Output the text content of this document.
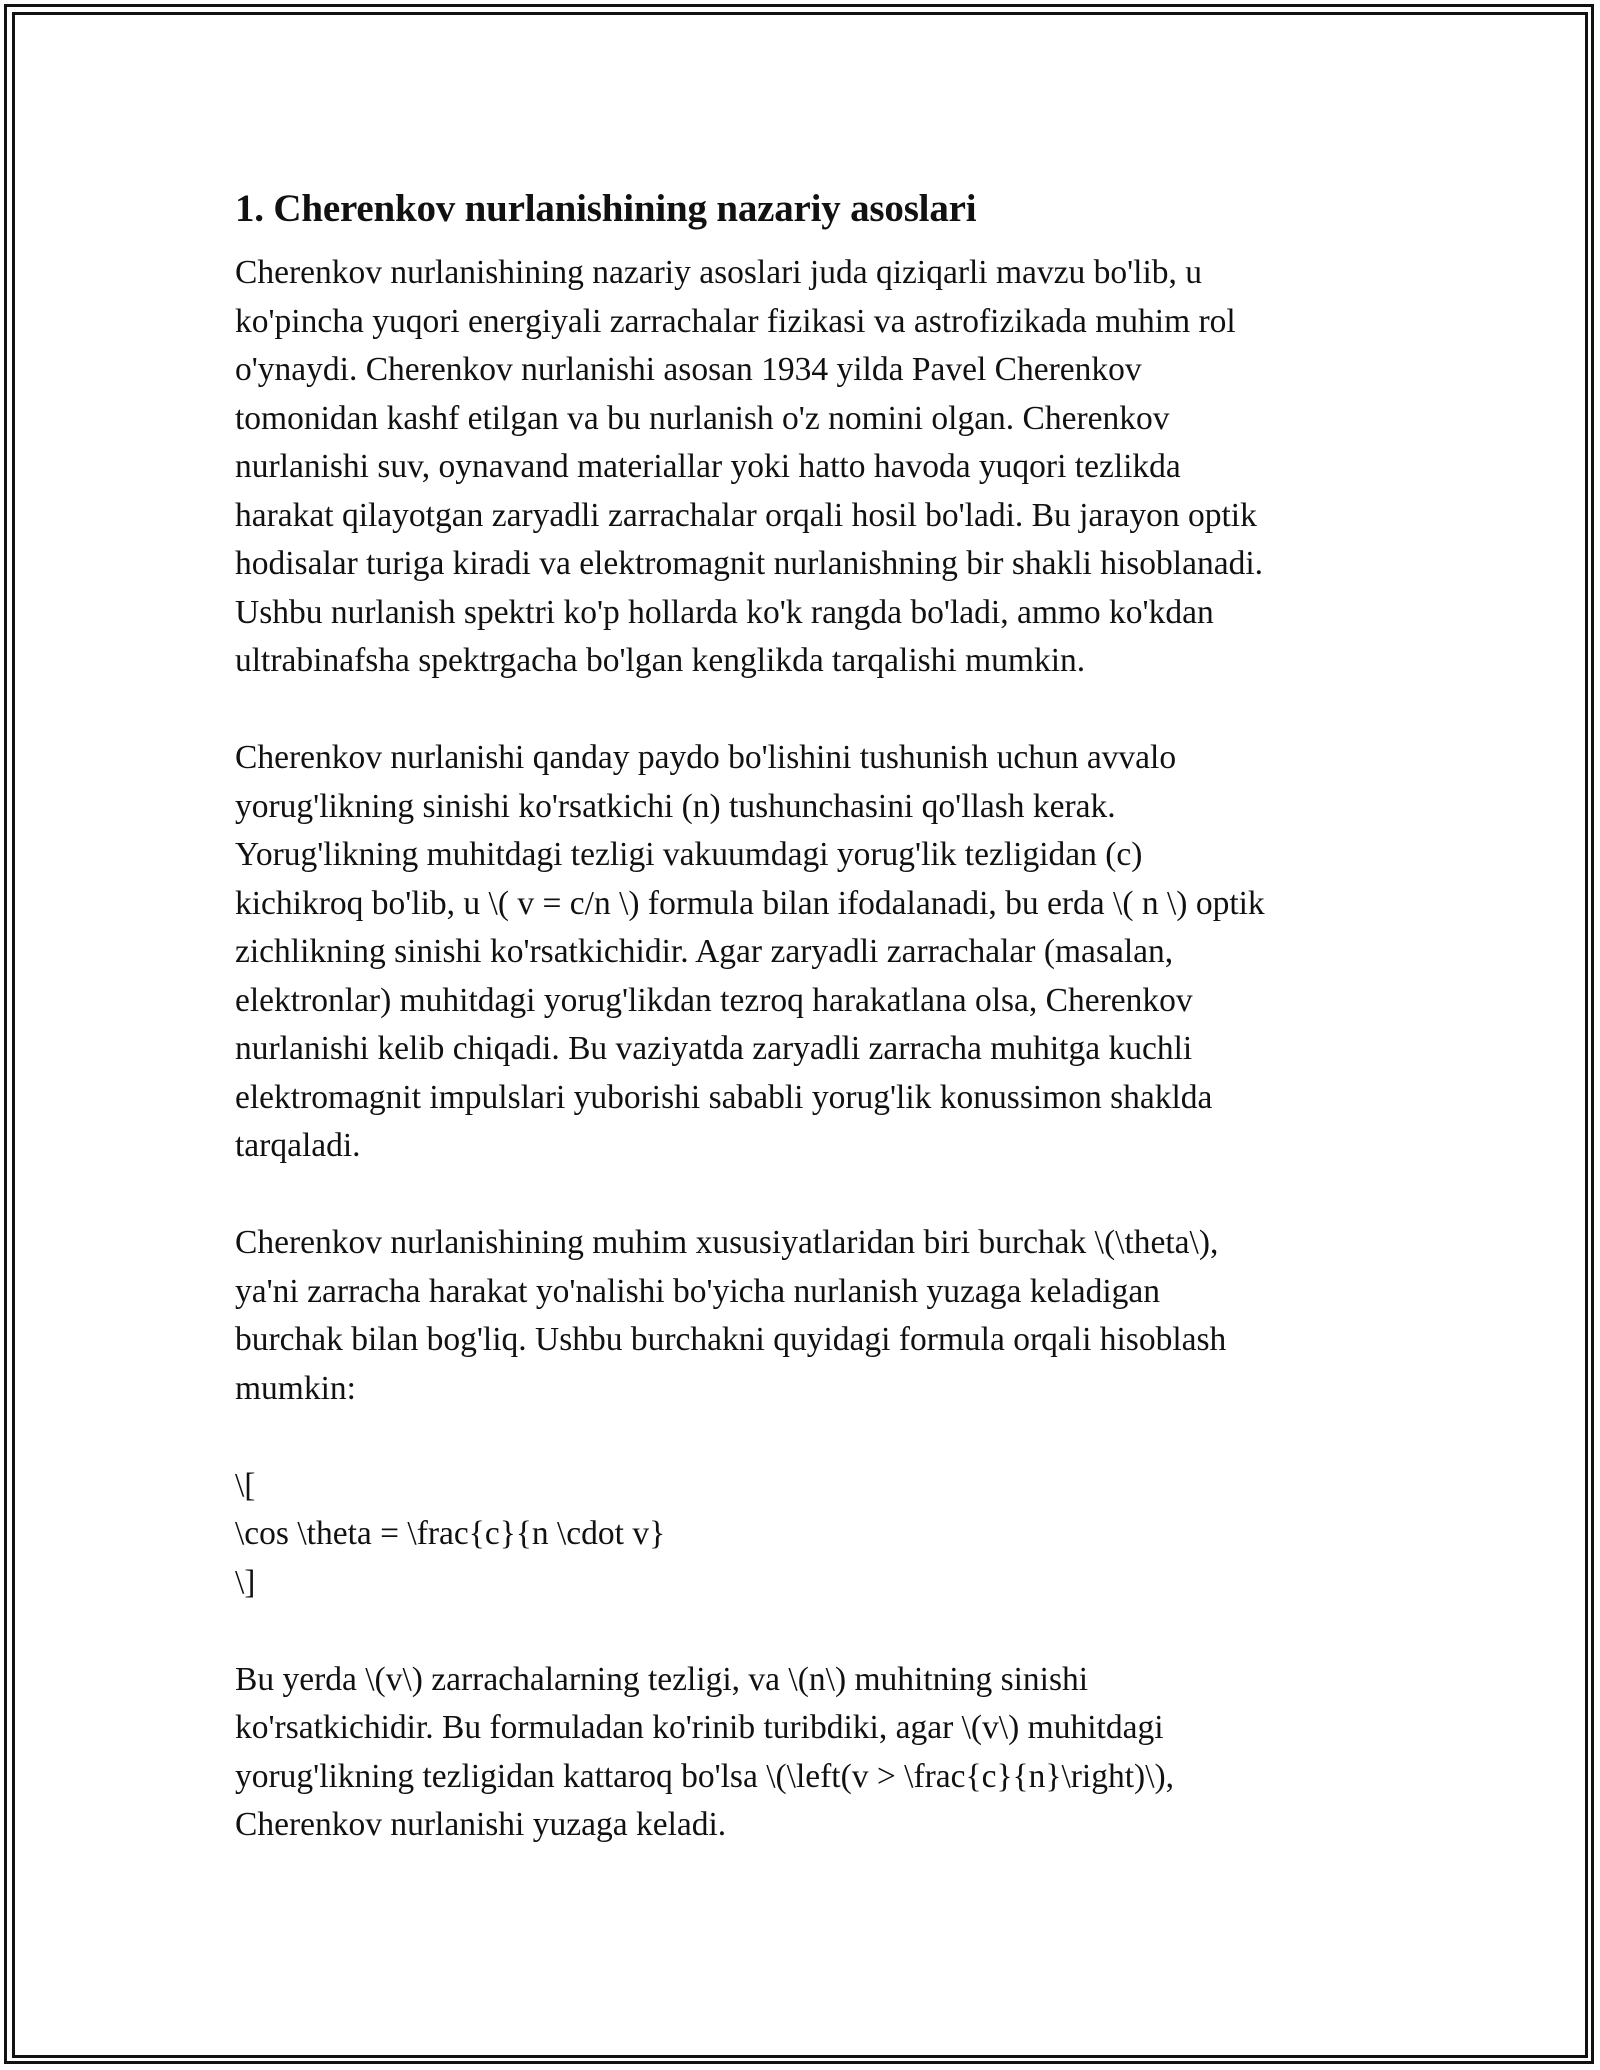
1. Cherenkov nurlanishining nazariy asoslari

Cherenkov nurlanishining nazariy asoslari juda qiziqarli mavzu bo'lib, u
ko'pincha yuqori energiyali zarrachalar fizikasi va astrofizikada muhim rol
o'ynaydi. Cherenkov nurlanishi asosan 1934 yilda Pavel Cherenkov
tomonidan kashf etilgan va bu nurlanish o'z nomini olgan. Cherenkov
nurlanishi suv, oynavand materiallar yoki hatto havoda yuqori tezlikda
harakat qilayotgan zaryadli zarrachalar orqali hosil bo'ladi. Bu jarayon optik
hodisalar turiga kiradi va elektromagnit nurlanishning bir shakli hisoblanadi.
Ushbu nurlanish spektri ko'p hollarda ko'k rangda bo'ladi, ammo ko'kdan
ultrabinafsha spektrgacha bo'lgan kenglikda tarqalishi mumkin.

Cherenkov nurlanishi qanday paydo bo'lishini tushunish uchun avvalo
yorug'likning sinishi ko'rsatkichi (n) tushunchasini qo'llash kerak.
Yorug'likning muhitdagi tezligi vakuumdagi yorug'lik tezligidan (c)
kichikroq bo'lib, u \( v = c/n \) formula bilan ifodalanadi, bu erda \( n \) optik
zichlikning sinishi ko'rsatkichidir. Agar zaryadli zarrachalar (masalan,
elektronlar) muhitdagi yorug'likdan tezroq harakatlana olsa, Cherenkov
nurlanishi kelib chiqadi. Bu vaziyatda zaryadli zarracha muhitga kuchli
elektromagnit impulslari yuborishi sababli yorug'lik konussimon shaklda
tarqaladi.

Cherenkov nurlanishining muhim xususiyatlaridan biri burchak \(\theta\),
ya'ni zarracha harakat yo'nalishi bo'yicha nurlanish yuzaga keladigan
burchak bilan bog'liq. Ushbu burchakni quyidagi formula orqali hisoblash
mumkin:

\[
\cos \theta = \frac{c}{n \cdot v}
\]

Bu yerda \(v\) zarrachalarning tezligi, va \(n\) muhitning sinishi
ko'rsatkichidir. Bu formuladan ko'rinib turibdiki, agar \(v\) muhitdagi
yorug'likning tezligidan kattaroq bo'lsa \(\left(v > \frac{c}{n}\right)\),
Cherenkov nurlanishi yuzaga keladi.
